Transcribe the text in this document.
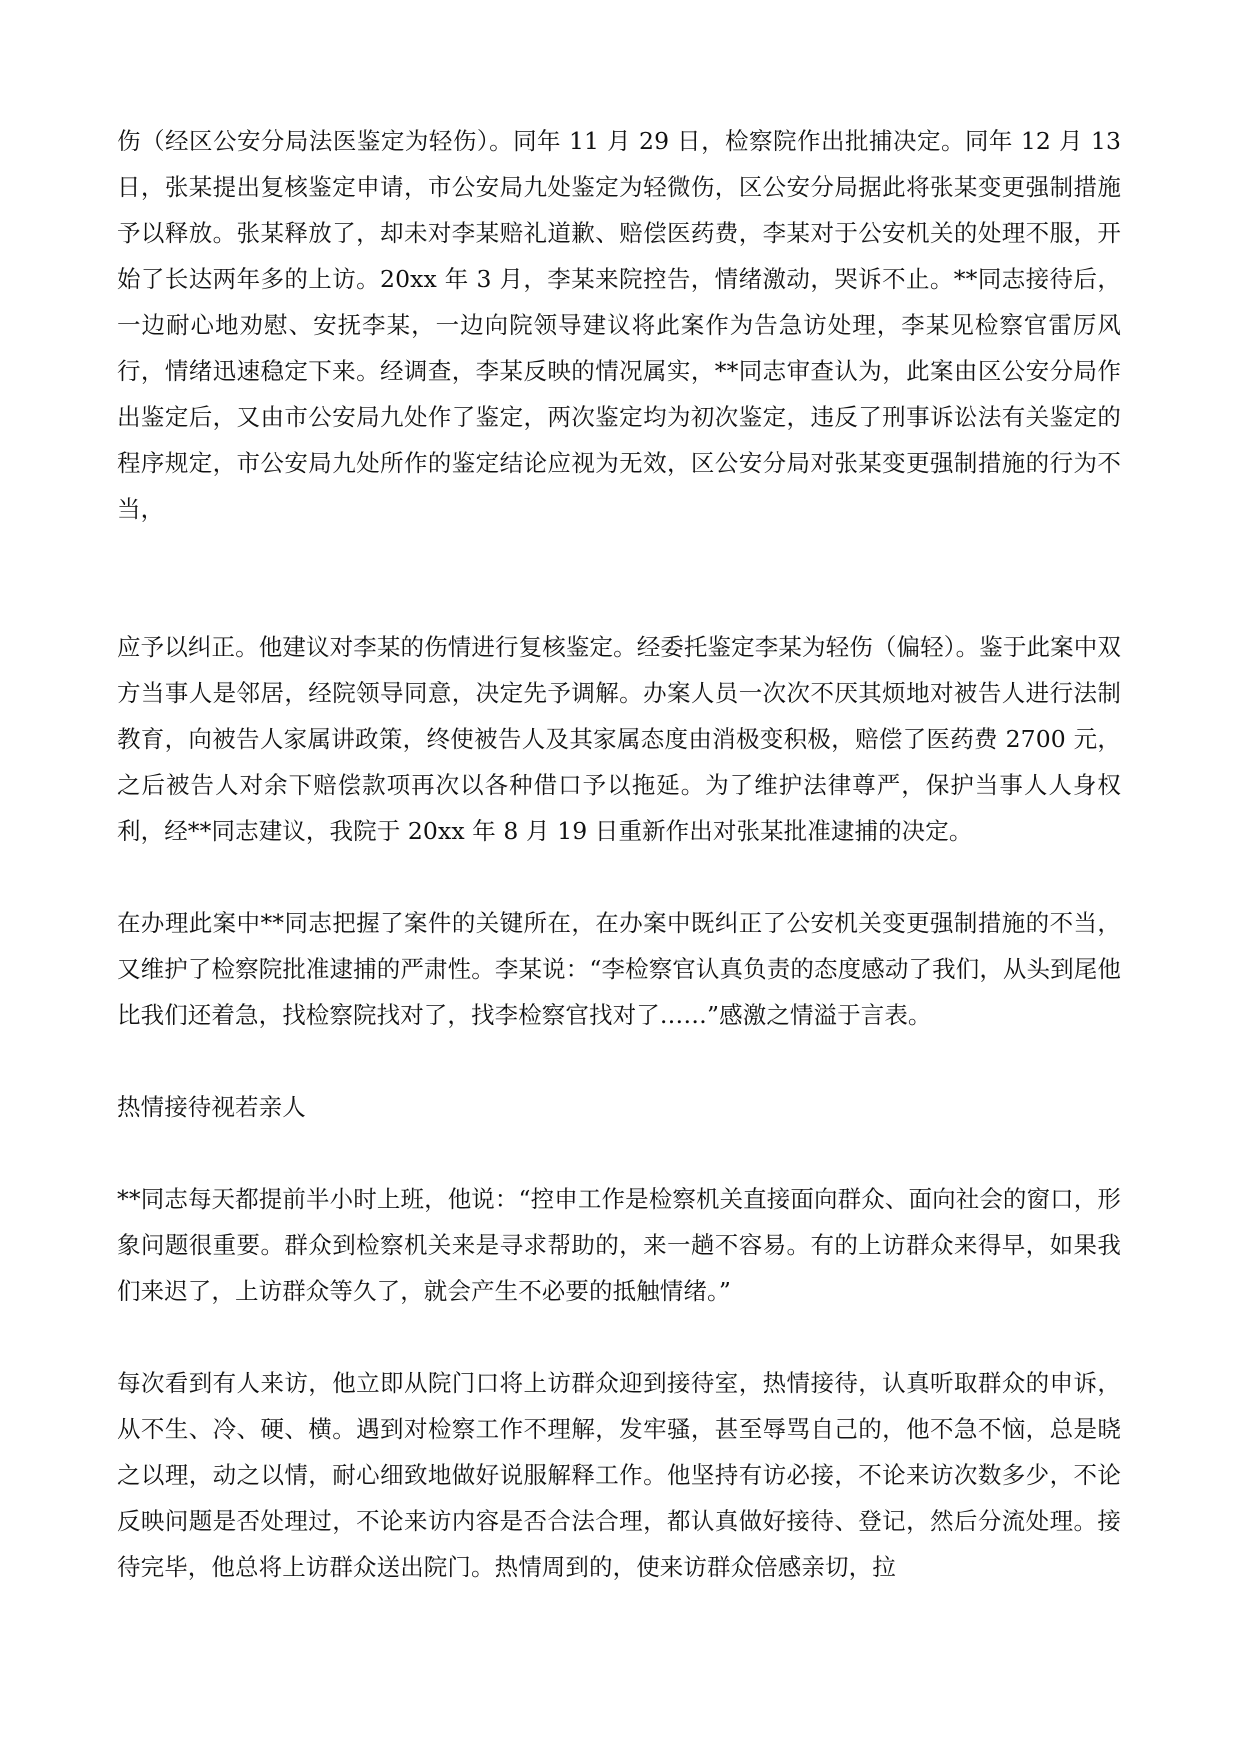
伤（经区公安分局法医鉴定为轻伤）。同年 11 月 29 日，检察院作出批捕决定。同年 12 月 13 日，张某提出复核鉴定申请，市公安局九处鉴定为轻微伤，区公安分局据此将张某变更强制措施予以释放。张某释放了，却未对李某赔礼道歉、赔偿医药费，李某对于公安机关的处理不服，开始了长达两年多的上访。20xx 年 3 月，李某来院控告，情绪激动，哭诉不止。**同志接待后，一边耐心地劝慰、安抚李某，一边向院领导建议将此案作为告急访处理，李某见检察官雷厉风行，情绪迅速稳定下来。经调查，李某反映的情况属实，**同志审查认为，此案由区公安分局作出鉴定后，又由市公安局九处作了鉴定，两次鉴定均为初次鉴定，违反了刑事诉讼法有关鉴定的程序规定，市公安局九处所作的鉴定结论应视为无效，区公安分局对张某变更强制措施的行为不当，

应予以纠正。他建议对李某的伤情进行复核鉴定。经委托鉴定李某为轻伤（偏轻）。鉴于此案中双方当事人是邻居，经院领导同意，决定先予调解。办案人员一次次不厌其烦地对被告人进行法制教育，向被告人家属讲政策，终使被告人及其家属态度由消极变积极，赔偿了医药费 2700 元，之后被告人对余下赔偿款项再次以各种借口予以拖延。为了维护法律尊严，保护当事人人身权利，经**同志建议，我院于 20xx 年 8 月 19 日重新作出对张某批准逮捕的决定。

在办理此案中**同志把握了案件的关键所在，在办案中既纠正了公安机关变更强制措施的不当，又维护了检察院批准逮捕的严肃性。李某说：“李检察官认真负责的态度感动了我们，从头到尾他比我们还着急，找检察院找对了，找李检察官找对了……”感激之情溢于言表。

热情接待视若亲人

**同志每天都提前半小时上班，他说：“控申工作是检察机关直接面向群众、面向社会的窗口，形象问题很重要。群众到检察机关来是寻求帮助的，来一趟不容易。有的上访群众来得早，如果我们来迟了，上访群众等久了，就会产生不必要的抵触情绪。”

每次看到有人来访，他立即从院门口将上访群众迎到接待室，热情接待，认真听取群众的申诉，从不生、冷、硬、横。遇到对检察工作不理解，发牢骚，甚至辱骂自己的，他不急不恼，总是晓之以理，动之以情，耐心细致地做好说服解释工作。他坚持有访必接，不论来访次数多少，不论反映问题是否处理过，不论来访内容是否合法合理，都认真做好接待、登记，然后分流处理。接待完毕，他总将上访群众送出院门。热情周到的，使来访群众倍感亲切，拉
